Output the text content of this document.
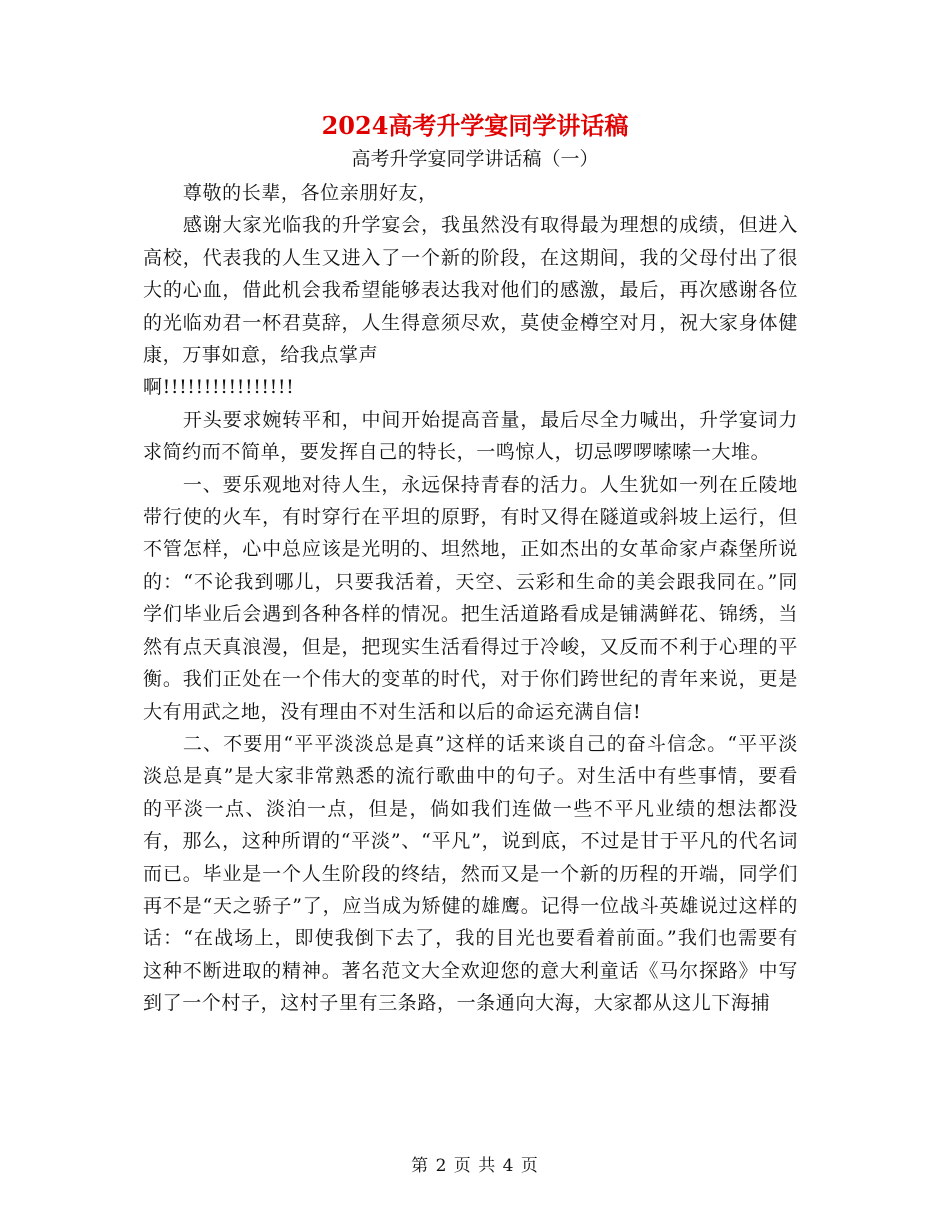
2024高考升学宴同学讲话稿
高考升学宴同学讲话稿（一）

尊敬的长辈，各位亲朋好友，

感谢大家光临我的升学宴会，我虽然没有取得最为理想的成绩，但进入高校，代表我的人生又进入了一个新的阶段，在这期间，我的父母付出了很大的心血，借此机会我希望能够表达我对他们的感激，最后，再次感谢各位的光临劝君一杯君莫辞，人生得意须尽欢，莫使金樽空对月，祝大家身体健康，万事如意，给我点掌声

啊!!!!!!!!!!!!!!!!

开头要求婉转平和，中间开始提高音量，最后尽全力喊出，升学宴词力求简约而不简单，要发挥自己的特长，一鸣惊人，切忌啰啰嗦嗦一大堆。

一、要乐观地对待人生，永远保持青春的活力。人生犹如一列在丘陵地带行使的火车，有时穿行在平坦的原野，有时又得在隧道或斜坡上运行，但不管怎样，心中总应该是光明的、坦然地，正如杰出的女革命家卢森堡所说的：“不论我到哪儿，只要我活着，天空、云彩和生命的美会跟我同在。”同学们毕业后会遇到各种各样的情况。把生活道路看成是铺满鲜花、锦绣，当然有点天真浪漫，但是，把现实生活看得过于冷峻，又反而不利于心理的平衡。我们正处在一个伟大的变革的时代，对于你们跨世纪的青年来说，更是大有用武之地，没有理由不对生活和以后的命运充满自信!

二、不要用“平平淡淡总是真”这样的话来谈自己的奋斗信念。“平平淡淡总是真”是大家非常熟悉的流行歌曲中的句子。对生活中有些事情，要看的平淡一点、淡泊一点，但是，倘如我们连做一些不平凡业绩的想法都没有，那么，这种所谓的“平淡”、“平凡”，说到底，不过是甘于平凡的代名词而已。毕业是一个人生阶段的终结，然而又是一个新的历程的开端，同学们再不是“天之骄子”了，应当成为矫健的雄鹰。记得一位战斗英雄说过这样的话：“在战场上，即使我倒下去了，我的目光也要看着前面。”我们也需要有这种不断进取的精神。著名范文大全欢迎您的意大利童话《马尔探路》中写到了一个村子，这村子里有三条路，一条通向大海，大家都从这儿下海捕

第 2 页 共 4 页
